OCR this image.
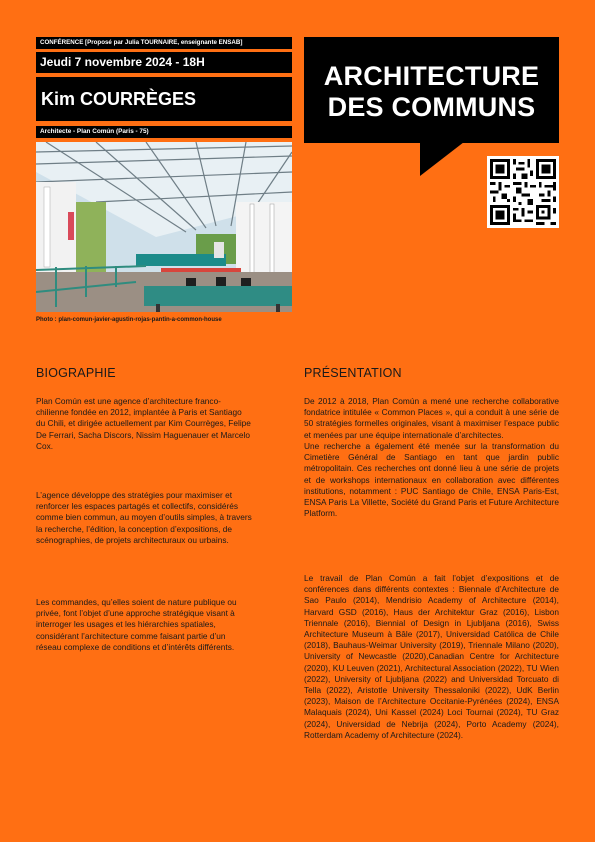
CONFÉRENCE [Proposé par Julia TOURNAIRE, enseignante ENSAB]
Jeudi 7 novembre 2024 - 18H
Kim COURRÈGES
Architecte - Plan Común (Paris - 75)
ARCHITECTURE
DES COMMUNS
Photo : plan-comun-javier-agustin-rojas-pantin-a-common-house
BIOGRAPHIE	PRÉSENTATION
Plan Común est une agence d’architecture franco-chilienne fondée en 2012, implantée à Paris et Santiago du Chili, et dirigée actuellement par Kim Courrèges, Felipe De Ferrari, Sacha Discors, Nissim Haguenauer et Marcelo Cox.
L’agence développe des stratégies pour maximiser et renforcer les espaces partagés et collectifs, considérés comme bien commun, au moyen d’outils simples, à travers la recherche, l’édition, la conception d’expositions, de scénographies, de projets architecturaux ou urbains.
Les commandes, qu’elles soient de nature publique ou privée, font l’objet d’une approche stratégique visant à interroger les usages et les hiérarchies spatiales, considérant l’architecture comme faisant partie d’un réseau complexe de conditions et d’intérêts différents.
De 2012 à 2018, Plan Común a mené une recherche collaborative fondatrice intitulée « Common Places », qui a conduit à une série de 50 stratégies formelles originales, visant à maximiser l’espace public et menées par une équipe internationale d’architectes.
Une recherche a également été menée sur la transformation du Cimetière Général de Santiago en tant que jardin public métropolitain. Ces recherches ont donné lieu à une série de projets et de workshops internationaux en collaboration avec différentes institutions, notamment : PUC Santiago de Chile, ENSA Paris-Est, ENSA Paris La Villette, Société du Grand Paris et Future Architecture Platform.
Le travail de Plan Común a fait l’objet d’expositions et de conférences dans différents contextes : Biennale d’Architecture de Sao Paulo (2014), Mendrisio Academy of Architecture (2014), Harvard GSD (2016), Haus der Architektur Graz (2016), Lisbon Triennale (2016), Biennial of Design in Ljubljana (2016), Swiss Architecture Museum à Bâle (2017), Universidad Católica de Chile (2018), Bauhaus-Weimar University (2019), Triennale Milano (2020), University of Newcastle (2020),Canadian Centre for Architecture (2020), KU Leuven (2021), Architectural Association (2022), TU Wien (2022), University of Ljubljana (2022) and Universidad Torcuato di Tella (2022), Aristotle University Thessaloniki (2022), UdK Berlin (2023), Maison de l’Architecture Occitanie-Pyrénées (2024), ENSA Malaquais (2024), Uni Kassel (2024) Loci Tournai (2024), TU Graz (2024), Universidad de Nebrija (2024), Porto Academy (2024), Rotterdam Academy of Architecture (2024).
